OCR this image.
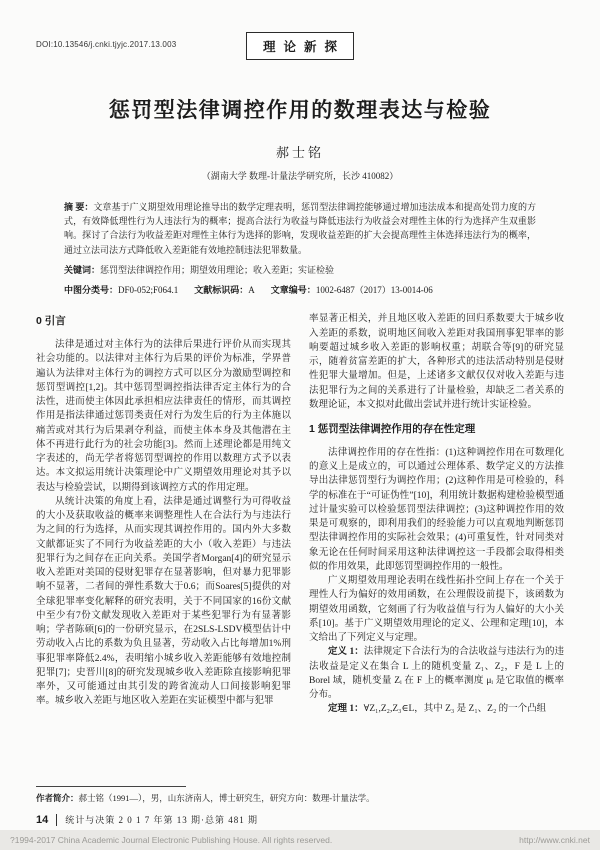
DOI:10.13546/j.cnki.tjyjc.2017.13.003	理论新探
惩罚型法律调控作用的数理表达与检验
郝士铭
（湖南大学 数理-计量法学研究所，长沙 410082）
摘 要：文章基于广义期望效用理论推导出的数学定理表明，惩罚型法律调控能够通过增加违法成本和提高处罚力度的方式，有效降低理性行为人违法行为的概率；提高合法行为收益与降低违法行为收益会对理性主体的行为选择产生双重影响。探讨了合法行为收益差距对理性主体行为选择的影响，发现收益差距的扩大会提高理性主体选择违法行为的概率，通过立法司法方式降低收入差距能有效地控制违法犯罪数量。
关键词：惩罚型法律调控作用；期望效用理论；收入差距；实证检验
中图分类号：DF0-052;F064.1 文献标识码：A 文章编号：1002-6487（2017）13-0014-06
0 引言

法律是通过对主体行为的法律后果进行评价从而实现其社会功能的。以法律对主体行为后果的评价为标准，学界普遍认为法律对主体行为的调控方式可以区分为激励型调控和惩罚型调控[1,2]。其中惩罚型调控指法律否定主体行为的合法性，进而使主体因此承担相应法律责任的情形，而其调控作用是指法律通过惩罚类责任对行为发生后的行为主体施以痛苦或对其行为后果剥夺利益，而使主体本身及其他潜在主体不再进行此行为的社会功能[3]。然而上述理论都是用纯文字表述的，尚无学者将惩罚型调控的作用以数理方式予以表达。本文拟运用统计决策理论中广义期望效用理论对其予以表达与检验尝试，以期得到该调控方式的作用定理。

从统计决策的角度上看，法律是通过调整行为可得收益的大小及获取收益的概率来调整理性人在合法行为与违法行为之间的行为选择，从而实现其调控作用的。国内外大多数文献都证实了不同行为收益差距的大小（收入差距）与违法犯罪行为之间存在正向关系。美国学者Morgan[4]的研究显示收入差距对美国的侵财犯罪存在显著影响，但对暴力犯罪影响不显著，二者间的弹性系数大于0.6；而Soares[5]提供的对全球犯罪率变化解释的研究表明，关于不同国家的16份文献中至少有7份文献发现收入差距对于某些犯罪行为有显著影响；学者陈硕[6]的一份研究显示，在2SLS-LSDV模型估计中劳动收入占比的系数为负且显著，劳动收入占比每增加1%刑事犯罪率降低2.4%，表明缩小城乡收入差距能够有效地控制犯罪[7]；史晋川[8]的研究发现城乡收入差距除直接影响犯罪率外，又可能通过由其引发的跨省流动人口间接影响犯罪率。城乡收入差距与地区收入差距在实证模型中都与犯罪

率显著正相关，并且地区收入差距的回归系数要大于城乡收入差距的系数，说明地区间收入差距对我国刑事犯罪率的影响要超过城乡收入差距的影响权重；胡联合等[9]的研究显示，随着贫富差距的扩大，各种形式的违法活动特别是侵财性犯罪大量增加。但是，上述诸多文献仅仅对收入差距与违法犯罪行为之间的关系进行了计量检验，却缺乏二者关系的数理论证，本文拟对此做出尝试并进行统计实证检验。

1 惩罚型法律调控作用的存在性定理

法律调控作用的存在性指：(1)这种调控作用在可数理化的意义上是成立的，可以通过公理体系、数学定义的方法推导出法律惩罚型行为调控作用；(2)这种作用是可检验的，科学的标准在于“可证伪性”[10]，利用统计数据构建检验模型通过计量实验可以检验惩罚型法律调控；(3)这种调控作用的效果是可观察的，即利用我们的经验能力可以直观地判断惩罚型法律调控作用的实际社会效果；(4)可重复性，针对同类对象无论在任何时间采用这种法律调控这一手段都会取得相类似的作用效果，此即惩罚型调控作用的一般性。

广义期望效用理论表明在线性拓扑空间上存在一个关于理性人行为偏好的效用函数，在公理假设前提下，该函数为期望效用函数，它刻画了行为收益值与行为人偏好的大小关系[10]。基于广义期望效用理论的定义、公理和定理[10]，本文给出了下列定义与定理。

定义 1：法律规定下合法行为的合法收益与违法行为的违法收益是定义在集合 L 上的随机变量 Z₁、Z₂，F 是 L 上的 Borel 域，随机变量 Zᵢ 在 F 上的概率测度 μᵢ 是它取值的概率分布。

定理 1：∀Z₁,Z₂,Z₃∈L，其中 Z₃ 是 Z₁、Z₂ 的一个凸组

作者简介：郝士铭（1991—），男，山东济南人，博士研究生，研究方向：数理-计量法学。
14 统计与决策 2 0 1 7 年第 13 期·总第 481 期
?1994-2017 China Academic Journal Electronic Publishing House. All rights reserved.	http://www.cnki.net
